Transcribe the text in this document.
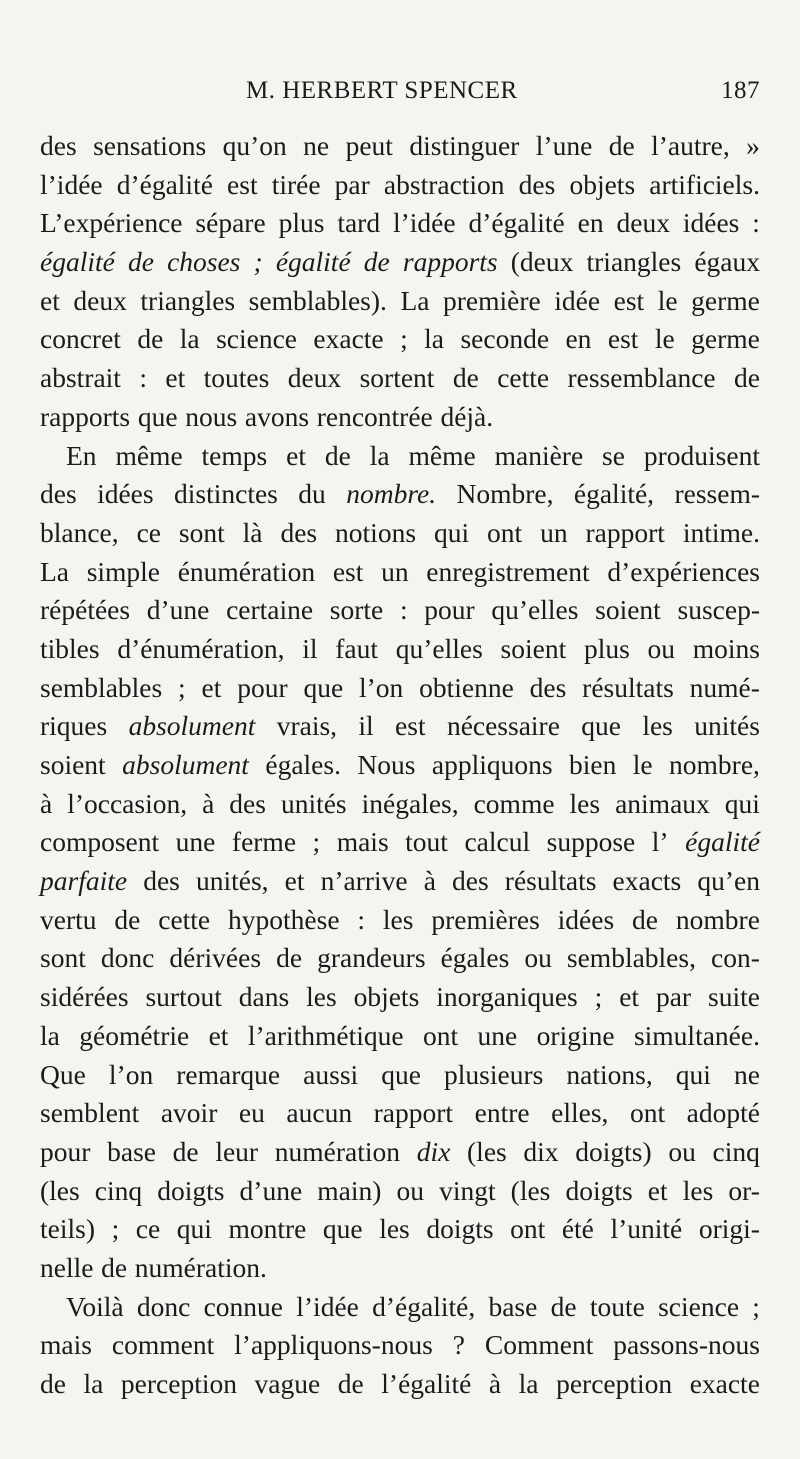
M. HERBERT SPENCER	187
des sensations qu’on ne peut distinguer l’une de l’autre, »
l’idée d’égalité est tirée par abstraction des objets artificiels.
L’expérience sépare plus tard l’idée d’égalité en deux idées :
égalité de choses ; égalité de rapports (deux triangles égaux
et deux triangles semblables). La première idée est le germe
concret de la science exacte ; la seconde en est le germe
abstrait : et toutes deux sortent de cette ressemblance de
rapports que nous avons rencontrée déjà.
En même temps et de la même manière se produisent
des idées distinctes du nombre. Nombre, égalité, ressem-
blance, ce sont là des notions qui ont un rapport intime.
La simple énumération est un enregistrement d’expériences
répétées d’une certaine sorte : pour qu’elles soient suscep-
tibles d’énumération, il faut qu’elles soient plus ou moins
semblables ; et pour que l’on obtienne des résultats numé-
riques absolument vrais, il est nécessaire que les unités
soient absolument égales. Nous appliquons bien le nombre,
à l’occasion, à des unités inégales, comme les animaux qui
composent une ferme ; mais tout calcul suppose l’ égalité
parfaite des unités, et n’arrive à des résultats exacts qu’en
vertu de cette hypothèse : les premières idées de nombre
sont donc dérivées de grandeurs égales ou semblables, con-
sidérées surtout dans les objets inorganiques ; et par suite
la géométrie et l’arithmétique ont une origine simultanée.
Que l’on remarque aussi que plusieurs nations, qui ne
semblent avoir eu aucun rapport entre elles, ont adopté
pour base de leur numération dix (les dix doigts) ou cinq
(les cinq doigts d’une main) ou vingt (les doigts et les or-
teils) ; ce qui montre que les doigts ont été l’unité origi-
nelle de numération.
Voilà donc connue l’idée d’égalité, base de toute science ;
mais comment l’appliquons-nous ? Comment passons-nous
de la perception vague de l’égalité à la perception exacte
